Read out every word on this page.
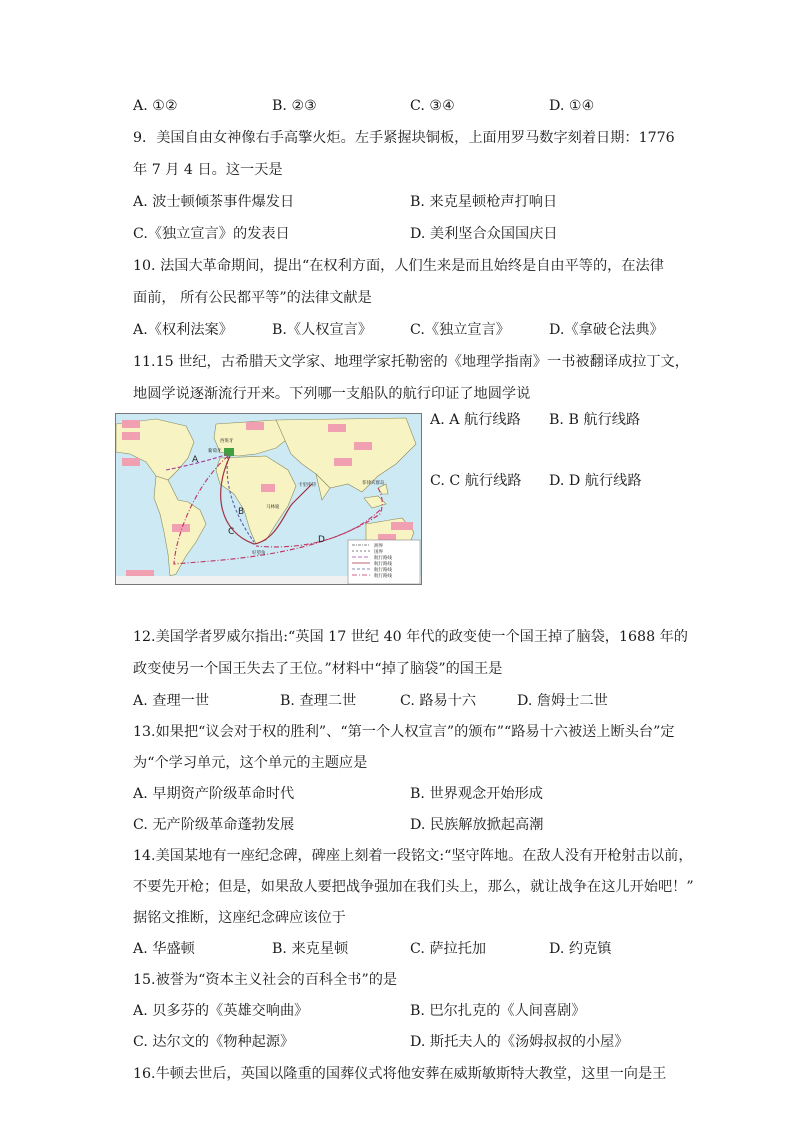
A. ①②	B. ②③	C. ③④	D. ①④
9．美国自由女神像右手高擎火炬。左手紧握块铜板，上面用罗马数字刻着日期：1776
年 7 月 4 日。这一天是
A. 波士顿倾茶事件爆发日	B. 来克星顿枪声打响日
C.《独立宣言》的发表日	D. 美利坚合众国国庆日
10. 法国大革命期间，提出“在权利方面，人们生来是而且始终是自由平等的，在法律
面前， 所有公民都平等”的法律文献是
A.《权利法案》	B.《人权宣言》	C.《独立宣言》	D.《拿破仑法典》
11.15 世纪，古希腊天文学家、地理学家托勒密的《地理学指南》一书被翻译成拉丁文，
地圆学说逐渐流行开来。下列哪一支船队的航行印证了地圆学说
A
B
C
D
西班牙
葡萄牙
马林迪
卡里库特
好望角
菲律宾群岛
洲界
国界
航行路线
航行路线
航行路线
航行路线
A. A 航行线路 B. B 航行线路
C. C 航行线路 D. D 航行线路
12.美国学者罗威尔指出:“英国 17 世纪 40 年代的政变使一个国王掉了脑袋，1688 年的
政变使另一个国王失去了王位。”材料中“掉了脑袋”的国王是
A. 查理一世	B. 查理二世	C. 路易十六	D. 詹姆士二世
13.如果把“议会对于权的胜利”、“第一个人权宣言”的颁布”“路易十六被送上断头台”定
为“个学习单元，这个单元的主题应是
A. 早期资产阶级革命时代	B. 世界观念开始形成
C. 无产阶级革命蓬勃发展	D. 民族解放掀起高潮
14.美国某地有一座纪念碑，碑座上刻着一段铭文:“坚守阵地。在敌人没有开枪射击以前，
不要先开枪；但是，如果敌人要把战争强加在我们头上，那么，就让战争在这儿开始吧！”
据铭文推断，这座纪念碑应该位于
A. 华盛顿	B. 来克星顿	C. 萨拉托加	D. 约克镇
15.被誉为“资本主义社会的百科全书”的是
A. 贝多芬的《英雄交响曲》	B. 巴尔扎克的《人间喜剧》
C. 达尔文的《物种起源》	D. 斯托夫人的《汤姆叔叔的小屋》
16.牛顿去世后，英国以隆重的国葬仪式将他安葬在威斯敏斯特大教堂，这里一向是王
